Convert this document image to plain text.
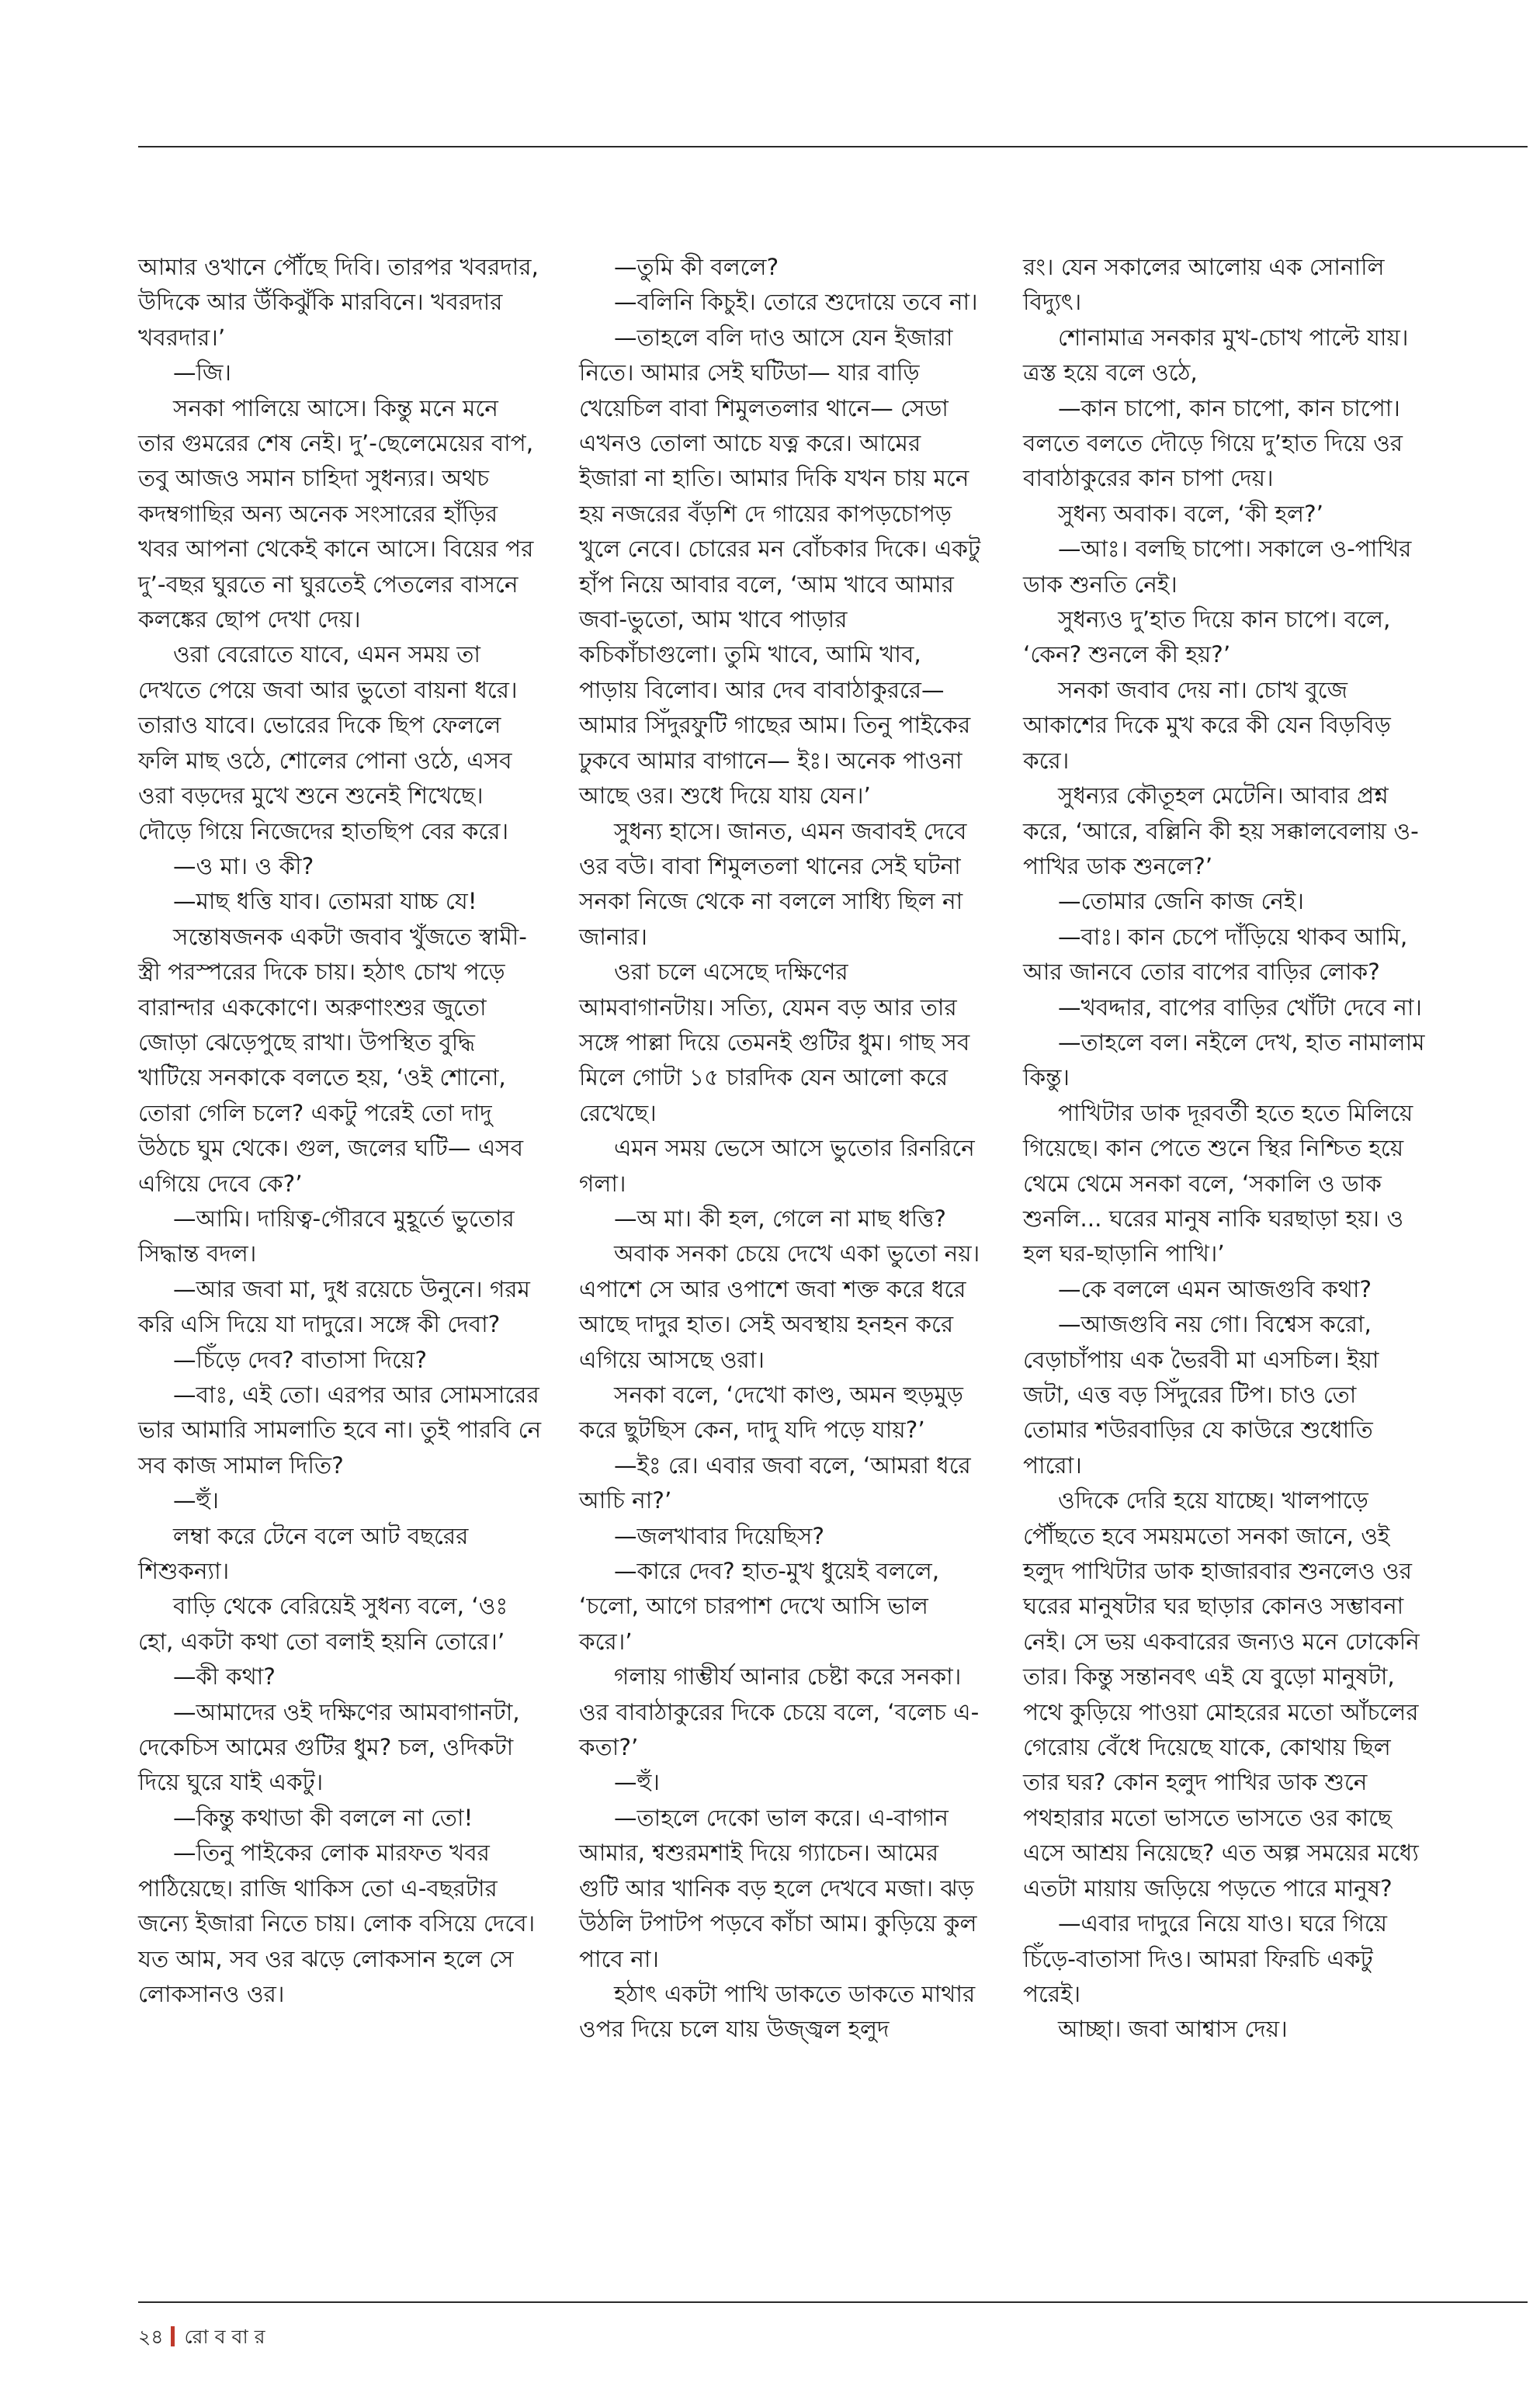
আমার ওখানে পৌঁছে দিবি। তারপর খবরদার, উদিকে আর উঁকিঝুঁকি মারবিনে। খবরদার খবরদার।’

—জি।

সনকা পালিয়ে আসে। কিন্তু মনে মনে তার গুমরের শেষ নেই। দু’-ছেলেমেয়ের বাপ, তবু আজও সমান চাহিদা সুধন্যর। অথচ কদম্বগাছির অন্য অনেক সংসারের হাঁড়ির খবর আপনা থেকেই কানে আসে। বিয়ের পর দু’-বছর ঘুরতে না ঘুরতেই পেতলের বাসনে কলঙ্কের ছোপ দেখা দেয়।

ওরা বেরোতে যাবে, এমন সময় তা দেখতে পেয়ে জবা আর ভুতো বায়না ধরে। তারাও যাবে। ভোরের দিকে ছিপ ফেললে ফলি মাছ ওঠে, শোলের পোনা ওঠে, এসব ওরা বড়দের মুখে শুনে শুনেই শিখেছে। দৌড়ে গিয়ে নিজেদের হাতছিপ বের করে।

—ও মা। ও কী?

—মাছ ধত্তি যাব। তোমরা যাচ্চ যে!

সন্তোষজনক একটা জবাব খুঁজতে স্বামী-স্ত্রী পরস্পরের দিকে চায়। হঠাৎ চোখ পড়ে বারান্দার এককোণে। অরুণাংশুর জুতো জোড়া ঝেড়েপুছে রাখা। উপস্থিত বুদ্ধি খাটিয়ে সনকাকে বলতে হয়, ‘ওই শোনো, তোরা গেলি চলে? একটু পরেই তো দাদু উঠচে ঘুম থেকে। গুল, জলের ঘটি— এসব এগিয়ে দেবে কে?’

—আমি। দায়িত্ব-গৌরবে মুহূর্তে ভুতোর সিদ্ধান্ত বদল।

—আর জবা মা, দুধ রয়েচে উনুনে। গরম করি এসি দিয়ে যা দাদুরে। সঙ্গে কী দেবা?

—চিঁড়ে দেব? বাতাসা দিয়ে?

—বাঃ, এই তো। এরপর আর সোমসারের ভার আমারি সামলাতি হবে না। তুই পারবি নে সব কাজ সামাল দিতি?

—হুঁ।

লম্বা করে টেনে বলে আট বছরের শিশুকন্যা।

বাড়ি থেকে বেরিয়েই সুধন্য বলে, ‘ওঃ হো, একটা কথা তো বলাই হয়নি তোরে।’

—কী কথা?

—আমাদের ওই দক্ষিণের আমবাগানটা, দেকেচিস আমের গুটির ধুম? চল, ওদিকটা দিয়ে ঘুরে যাই একটু।

—কিন্তু কথাডা কী বললে না তো!

—তিনু পাইকের লোক মারফত খবর পাঠিয়েছে। রাজি থাকিস তো এ-বছরটার জন্যে ইজারা নিতে চায়। লোক বসিয়ে দেবে। যত আম, সব ওর ঝড়ে লোকসান হলে সে লোকসানও ওর।

—তুমি কী বললে?

—বলিনি কিচুই। তোরে শুদোয়ে তবে না।

—তাহলে বলি দাও আসে যেন ইজারা নিতে। আমার সেই ঘটিডা— যার বাড়ি খেয়েচিল বাবা শিমুলতলার থানে— সেডা এখনও তোলা আচে যত্ন করে। আমের ইজারা না হাতি। আমার দিকি যখন চায় মনে হয় নজরের বঁড়শি দে গায়ের কাপড়চোপড় খুলে নেবে। চোরের মন বোঁচকার দিকে। একটু হাঁপ নিয়ে আবার বলে, ‘আম খাবে আমার জবা-ভুতো, আম খাবে পাড়ার কচিকাঁচাগুলো। তুমি খাবে, আমি খাব, পাড়ায় বিলোব। আর দেব বাবাঠাকুররে— আমার সিঁদুরফুটি গাছের আম। তিনু পাইকের ঢুকবে আমার বাগানে— ইঃ। অনেক পাওনা আছে ওর। শুধে দিয়ে যায় যেন।’

সুধন্য হাসে। জানত, এমন জবাবই দেবে ওর বউ। বাবা শিমুলতলা থানের সেই ঘটনা সনকা নিজে থেকে না বললে সাধ্যি ছিল না জানার।

ওরা চলে এসেছে দক্ষিণের আমবাগানটায়। সত্যি, যেমন বড় আর তার সঙ্গে পাল্লা দিয়ে তেমনই গুটির ধুম। গাছ সব মিলে গোটা ১৫ চারদিক যেন আলো করে রেখেছে।

এমন সময় ভেসে আসে ভুতোর রিনরিনে গলা।

—অ মা। কী হল, গেলে না মাছ ধত্তি?

অবাক সনকা চেয়ে দেখে একা ভুতো নয়। এপাশে সে আর ওপাশে জবা শক্ত করে ধরে আছে দাদুর হাত। সেই অবস্থায় হনহন করে এগিয়ে আসছে ওরা।

সনকা বলে, ‘দেখো কাণ্ড, অমন হুড়মুড় করে ছুটছিস কেন, দাদু যদি পড়ে যায়?’

—ইঃ রে। এবার জবা বলে, ‘আমরা ধরে আচি না?’

—জলখাবার দিয়েছিস?

—কারে দেব? হাত-মুখ ধুয়েই বললে, ‘চলো, আগে চারপাশ দেখে আসি ভাল করে।’

গলায় গাম্ভীর্য আনার চেষ্টা করে সনকা। ওর বাবাঠাকুরের দিকে চেয়ে বলে, ‘বলেচ এ-কতা?’

—হুঁ।

—তাহলে দেকো ভাল করে। এ-বাগান আমার, শ্বশুরমশাই দিয়ে গ্যাচেন। আমের গুটি আর খানিক বড় হলে দেখবে মজা। ঝড় উঠলি টপাটপ পড়বে কাঁচা আম। কুড়িয়ে কুল পাবে না।

হঠাৎ একটা পাখি ডাকতে ডাকতে মাথার ওপর দিয়ে চলে যায় উজ্জ্বল হলুদ

রং। যেন সকালের আলোয় এক সোনালি বিদ্যুৎ।

শোনামাত্র সনকার মুখ-চোখ পাল্টে যায়। ত্রস্ত হয়ে বলে ওঠে,

—কান চাপো, কান চাপো, কান চাপো। বলতে বলতে দৌড়ে গিয়ে দু’হাত দিয়ে ওর বাবাঠাকুরের কান চাপা দেয়।

সুধন্য অবাক। বলে, ‘কী হল?’

—আঃ। বলছি চাপো। সকালে ও-পাখির ডাক শুনতি নেই।

সুধন্যও দু’হাত দিয়ে কান চাপে। বলে, ‘কেন? শুনলে কী হয়?’

সনকা জবাব দেয় না। চোখ বুজে আকাশের দিকে মুখ করে কী যেন বিড়বিড় করে।

সুধন্যর কৌতূহল মেটেনি। আবার প্রশ্ন করে, ‘আরে, বল্লিনি কী হয় সক্কালবেলায় ও-পাখির ডাক শুনলে?’

—তোমার জেনি কাজ নেই।

—বাঃ। কান চেপে দাঁড়িয়ে থাকব আমি, আর জানবে তোর বাপের বাড়ির লোক?

—খবদ্দার, বাপের বাড়ির খোঁটা দেবে না।

—তাহলে বল। নইলে দেখ, হাত নামালাম কিন্তু।

পাখিটার ডাক দূরবর্তী হতে হতে মিলিয়ে গিয়েছে। কান পেতে শুনে স্থির নিশ্চিত হয়ে থেমে থেমে সনকা বলে, ‘সকালি ও ডাক শুনলি... ঘরের মানুষ নাকি ঘরছাড়া হয়। ও হল ঘর-ছাড়ানি পাখি।’

—কে বললে এমন আজগুবি কথা?

—আজগুবি নয় গো। বিশ্বেস করো, বেড়াচাঁপায় এক ভৈরবী মা এসচিল। ইয়া জটা, এত্ত বড় সিঁদুরের টিপ। চাও তো তোমার শউরবাড়ির যে কাউরে শুধোতি পারো।

ওদিকে দেরি হয়ে যাচ্ছে। খালপাড়ে পৌঁছতে হবে সময়মতো সনকা জানে, ওই হলুদ পাখিটার ডাক হাজারবার শুনলেও ওর ঘরের মানুষটার ঘর ছাড়ার কোনও সম্ভাবনা নেই। সে ভয় একবারের জন্যও মনে ঢোকেনি তার। কিন্তু সন্তানবৎ এই যে বুড়ো মানুষটা, পথে কুড়িয়ে পাওয়া মোহরের মতো আঁচলের গেরোয় বেঁধে দিয়েছে যাকে, কোথায় ছিল তার ঘর? কোন হলুদ পাখির ডাক শুনে পথহারার মতো ভাসতে ভাসতে ওর কাছে এসে আশ্রয় নিয়েছে? এত অল্প সময়ের মধ্যে এতটা মায়ায় জড়িয়ে পড়তে পারে মানুষ?

—এবার দাদুরে নিয়ে যাও। ঘরে গিয়ে চিঁড়ে-বাতাসা দিও। আমরা ফিরচি একটু পরেই।

আচ্ছা। জবা আশ্বাস দেয়।

২৪ রোববার
